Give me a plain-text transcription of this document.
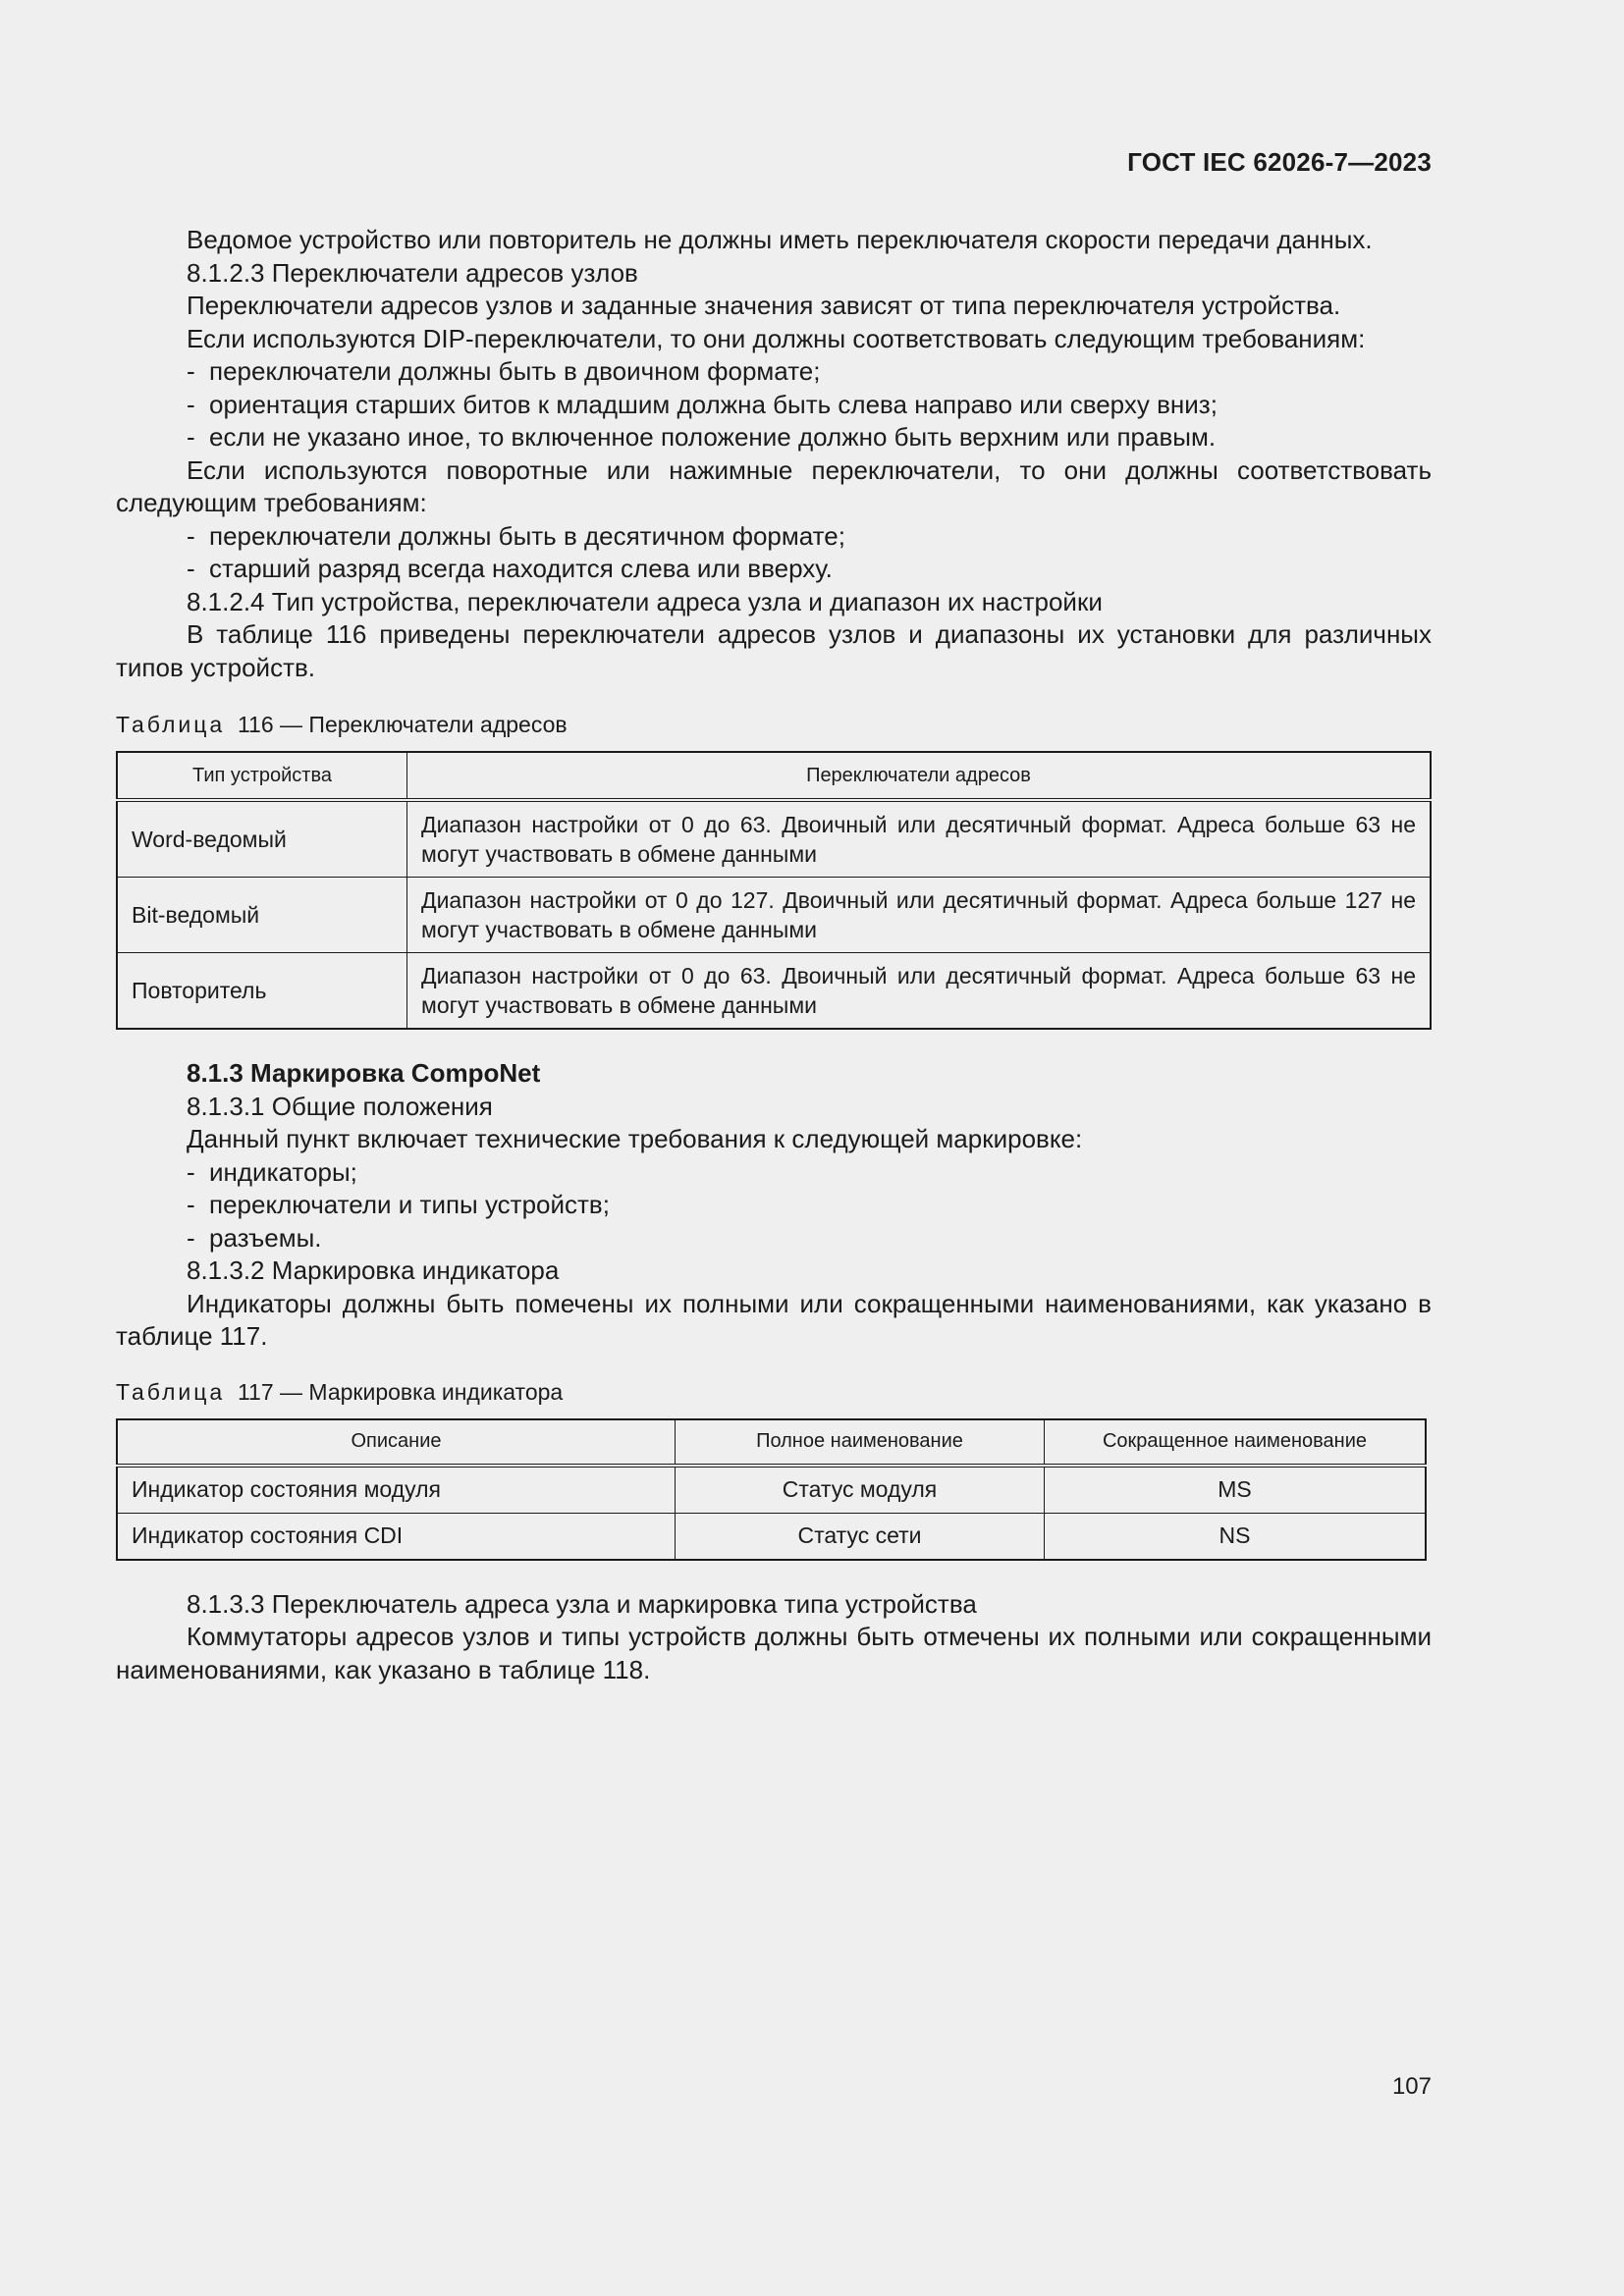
ГОСТ IEC 62026-7—2023

Ведомое устройство или повторитель не должны иметь переключателя скорости передачи данных.

8.1.2.3 Переключатели адресов узлов

Переключатели адресов узлов и заданные значения зависят от типа переключателя устройства.

Если используются DIP-переключатели, то они должны соответствовать следующим требованиям:

- переключатели должны быть в двоичном формате;

- ориентация старших битов к младшим должна быть слева направо или сверху вниз;

- если не указано иное, то включенное положение должно быть верхним или правым.

Если используются поворотные или нажимные переключатели, то они должны соответствовать следующим требованиям:

- переключатели должны быть в десятичном формате;

- старший разряд всегда находится слева или вверху.

8.1.2.4 Тип устройства, переключатели адреса узла и диапазон их настройки

В таблице 116 приведены переключатели адресов узлов и диапазоны их установки для различных типов устройств.

Таблица 116 — Переключатели адресов

Тип устройства	Переключатели адресов
Word-ведомый	Диапазон настройки от 0 до 63. Двоичный или десятичный формат. Адреса больше 63 не могут участвовать в обмене данными
Bit-ведомый	Диапазон настройки от 0 до 127. Двоичный или десятичный формат. Адреса больше 127 не могут участвовать в обмене данными
Повторитель	Диапазон настройки от 0 до 63. Двоичный или десятичный формат. Адреса больше 63 не могут участвовать в обмене данными

8.1.3 Маркировка CompoNet

8.1.3.1 Общие положения

Данный пункт включает технические требования к следующей маркировке:

- индикаторы;

- переключатели и типы устройств;

- разъемы.

8.1.3.2 Маркировка индикатора

Индикаторы должны быть помечены их полными или сокращенными наименованиями, как указано в таблице 117.

Таблица 117 — Маркировка индикатора

Описание	Полное наименование	Сокращенное наименование
Индикатор состояния модуля	Статус модуля	MS
Индикатор состояния CDI	Статус сети	NS

8.1.3.3 Переключатель адреса узла и маркировка типа устройства

Коммутаторы адресов узлов и типы устройств должны быть отмечены их полными или сокращенными наименованиями, как указано в таблице 118.

107
